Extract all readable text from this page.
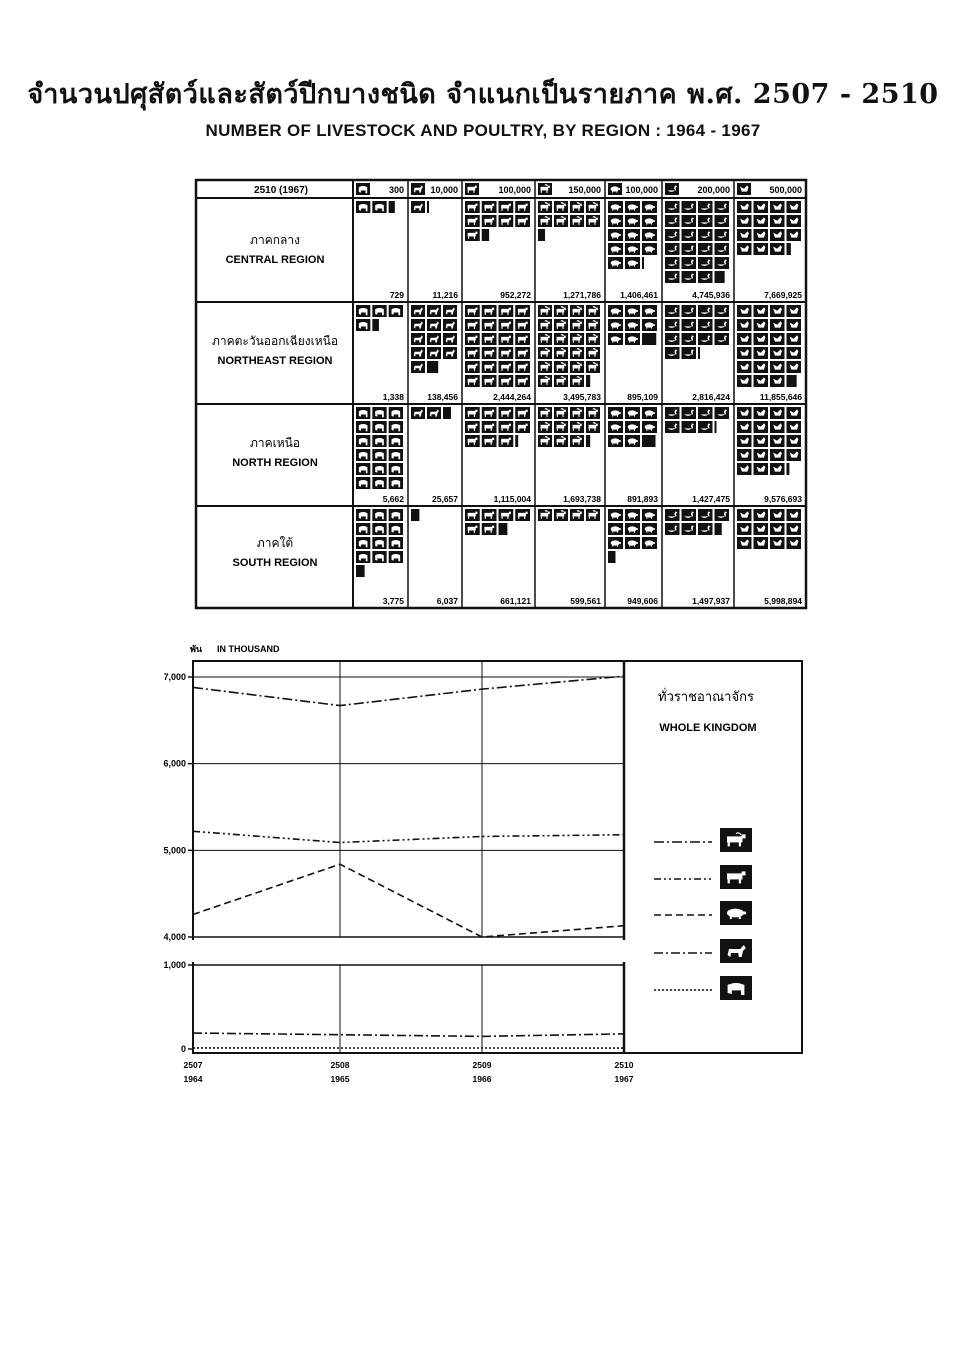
จำนวนปศุสัตว์และสัตว์ปีกบางชนิด จำแนกเป็นรายภาค พ.ศ. 2507 - 2510
NUMBER OF LIVESTOCK AND POULTRY, BY REGION : 1964 - 1967
2510 (1967)	300	10,000	100,000	150,000	100,000	200,000	500,000
ภาคกลาง
CENTRAL REGION
ภาคตะวันออกเฉียงเหนือ
NORTHEAST REGION
ภาคเหนือ
NORTH REGION
ภาคใต้
SOUTH REGION
729	11,216	952,272	1,271,786 1,406,461	4,745,936	7,669,925
1,338	138,456	2,444,264	3,495,783	895,109	2,816,424	11,855,646
5,662	25,657	1,115,004	1,693,738	891,893	1,427,475	9,576,693
3,775	6,037	661,121	599,561	949,606	1,497,937	5,998,894
พัน IN THOUSAND
7,000
6,000
5,000
4,000
1,000
0
2507
1964
2508
1965
2509
1966
2510
1967
ทั่วราชอาณาจักร
WHOLE KINGDOM
